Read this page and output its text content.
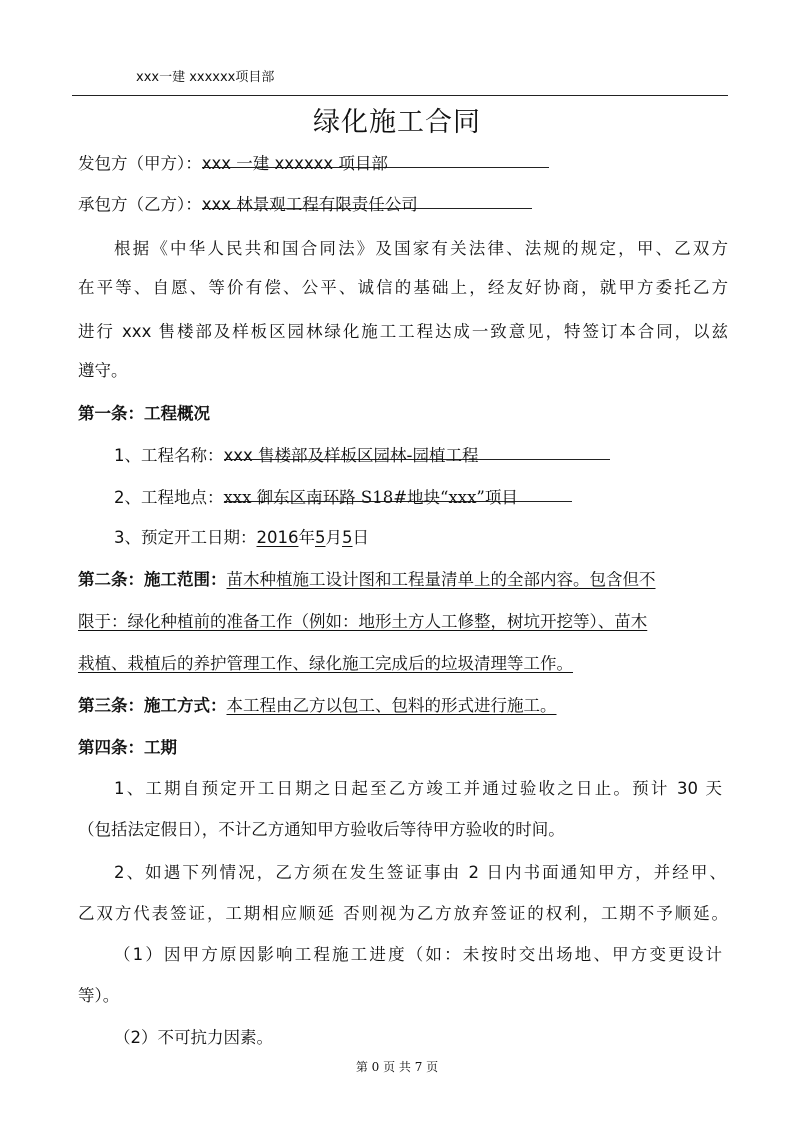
xxx一建 xxxxxx项目部
绿化施工合同
发包方（甲方）：xxx 一建 xxxxxx 项目部
承包方（乙方）：xxx 林景观工程有限责任公司
根据《中华人民共和国合同法》及国家有关法律、法规的规定，甲、乙双方
在平等、自愿、等价有偿、公平、诚信的基础上，经友好协商，就甲方委托乙方
进行 xxx 售楼部及样板区园林绿化施工工程达成一致意见，特签订本合同，以兹
遵守。
第一条：工程概况
1、工程名称：xxx 售楼部及样板区园林-园植工程
2、工程地点：xxx 御东区南环路 S18#地块“xxx”项目
3、预定开工日期：2016年5月5日
第二条：施工范围：苗木种植施工设计图和工程量清单上的全部内容。包含但不
限于：绿化种植前的准备工作（例如：地形土方人工修整，树坑开挖等）、苗木
栽植、栽植后的养护管理工作、绿化施工完成后的垃圾清理等工作。
第三条：施工方式：本工程由乙方以包工、包料的形式进行施工。
第四条：工期
1、工期自预定开工日期之日起至乙方竣工并通过验收之日止。预计 30 天
（包括法定假日），不计乙方通知甲方验收后等待甲方验收的时间。
2、如遇下列情况，乙方须在发生签证事由 2 日内书面通知甲方，并经甲、
乙双方代表签证，工期相应顺延 否则视为乙方放弃签证的权利，工期不予顺延。
（1）因甲方原因影响工程施工进度（如：未按时交出场地、甲方变更设计
等）。
（2）不可抗力因素。
第 0 页 共 7 页
